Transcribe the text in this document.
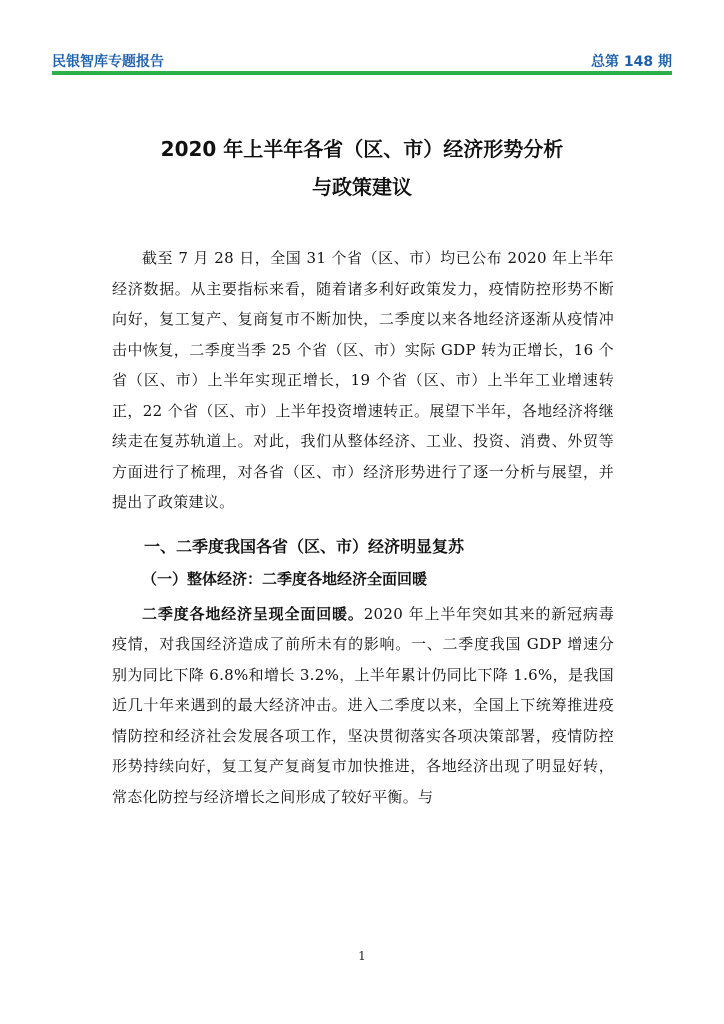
民银智库专题报告	总第 148 期
2020 年上半年各省（区、市）经济形势分析
与政策建议

截至 7 月 28 日，全国 31 个省（区、市）均已公布 2020 年上半年经济数据。从主要指标来看，随着诸多利好政策发力，疫情防控形势不断向好，复工复产、复商复市不断加快，二季度以来各地经济逐渐从疫情冲击中恢复，二季度当季 25 个省（区、市）实际 GDP 转为正增长，16 个省（区、市）上半年实现正增长，19 个省（区、市）上半年工业增速转正，22 个省（区、市）上半年投资增速转正。展望下半年，各地经济将继续走在复苏轨道上。对此，我们从整体经济、工业、投资、消费、外贸等方面进行了梳理，对各省（区、市）经济形势进行了逐一分析与展望，并提出了政策建议。

一、二季度我国各省（区、市）经济明显复苏
（一）整体经济：二季度各地经济全面回暖

二季度各地经济呈现全面回暖。2020 年上半年突如其来的新冠病毒疫情，对我国经济造成了前所未有的影响。一、二季度我国 GDP 增速分别为同比下降 6.8%和增长 3.2%，上半年累计仍同比下降 1.6%，是我国近几十年来遇到的最大经济冲击。进入二季度以来，全国上下统筹推进疫情防控和经济社会发展各项工作，坚决贯彻落实各项决策部署，疫情防控形势持续向好，复工复产复商复市加快推进，各地经济出现了明显好转，常态化防控与经济增长之间形成了较好平衡。与

1
